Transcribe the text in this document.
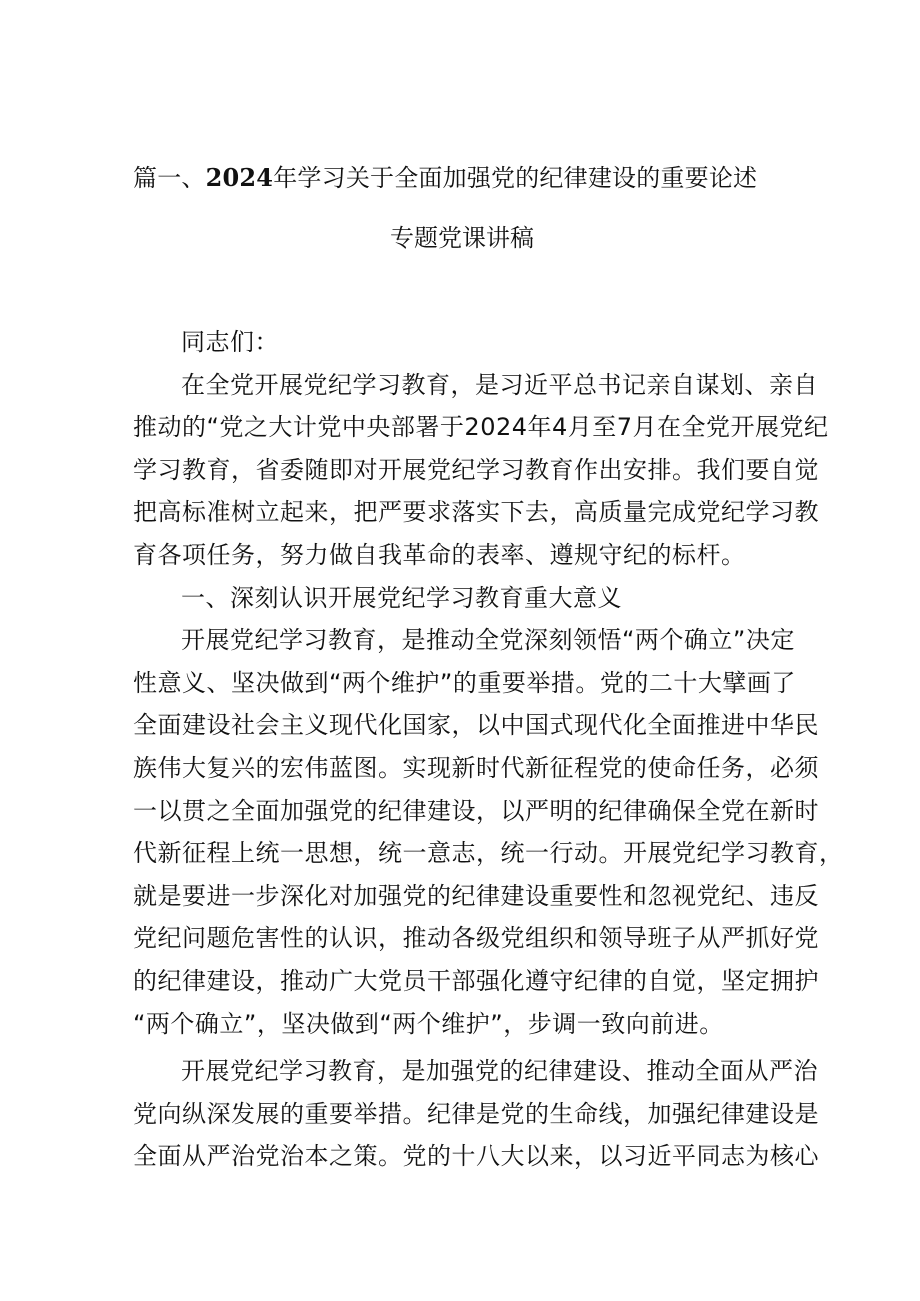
篇一、2024年学习关于全面加强党的纪律建设的重要论述
专题党课讲稿

同志们：

在全党开展党纪学习教育，是习近平总书记亲自谋划、亲自
推动的“党之大计党中央部署于2024年4月至7月在全党开展党纪
学习教育，省委随即对开展党纪学习教育作出安排。我们要自觉
把高标准树立起来，把严要求落实下去，高质量完成党纪学习教
育各项任务，努力做自我革命的表率、遵规守纪的标杆。

一、深刻认识开展党纪学习教育重大意义

开展党纪学习教育，是推动全党深刻领悟“两个确立”决定
性意义、坚决做到“两个维护”的重要举措。党的二十大擘画了
全面建设社会主义现代化国家，以中国式现代化全面推进中华民
族伟大复兴的宏伟蓝图。实现新时代新征程党的使命任务，必须
一以贯之全面加强党的纪律建设，以严明的纪律确保全党在新时
代新征程上统一思想，统一意志，统一行动。开展党纪学习教育，
就是要进一步深化对加强党的纪律建设重要性和忽视党纪、违反
党纪问题危害性的认识，推动各级党组织和领导班子从严抓好党
的纪律建设，推动广大党员干部强化遵守纪律的自觉，坚定拥护
“两个确立”，坚决做到“两个维护”，步调一致向前进。

开展党纪学习教育，是加强党的纪律建设、推动全面从严治
党向纵深发展的重要举措。纪律是党的生命线，加强纪律建设是
全面从严治党治本之策。党的十八大以来，以习近平同志为核心
